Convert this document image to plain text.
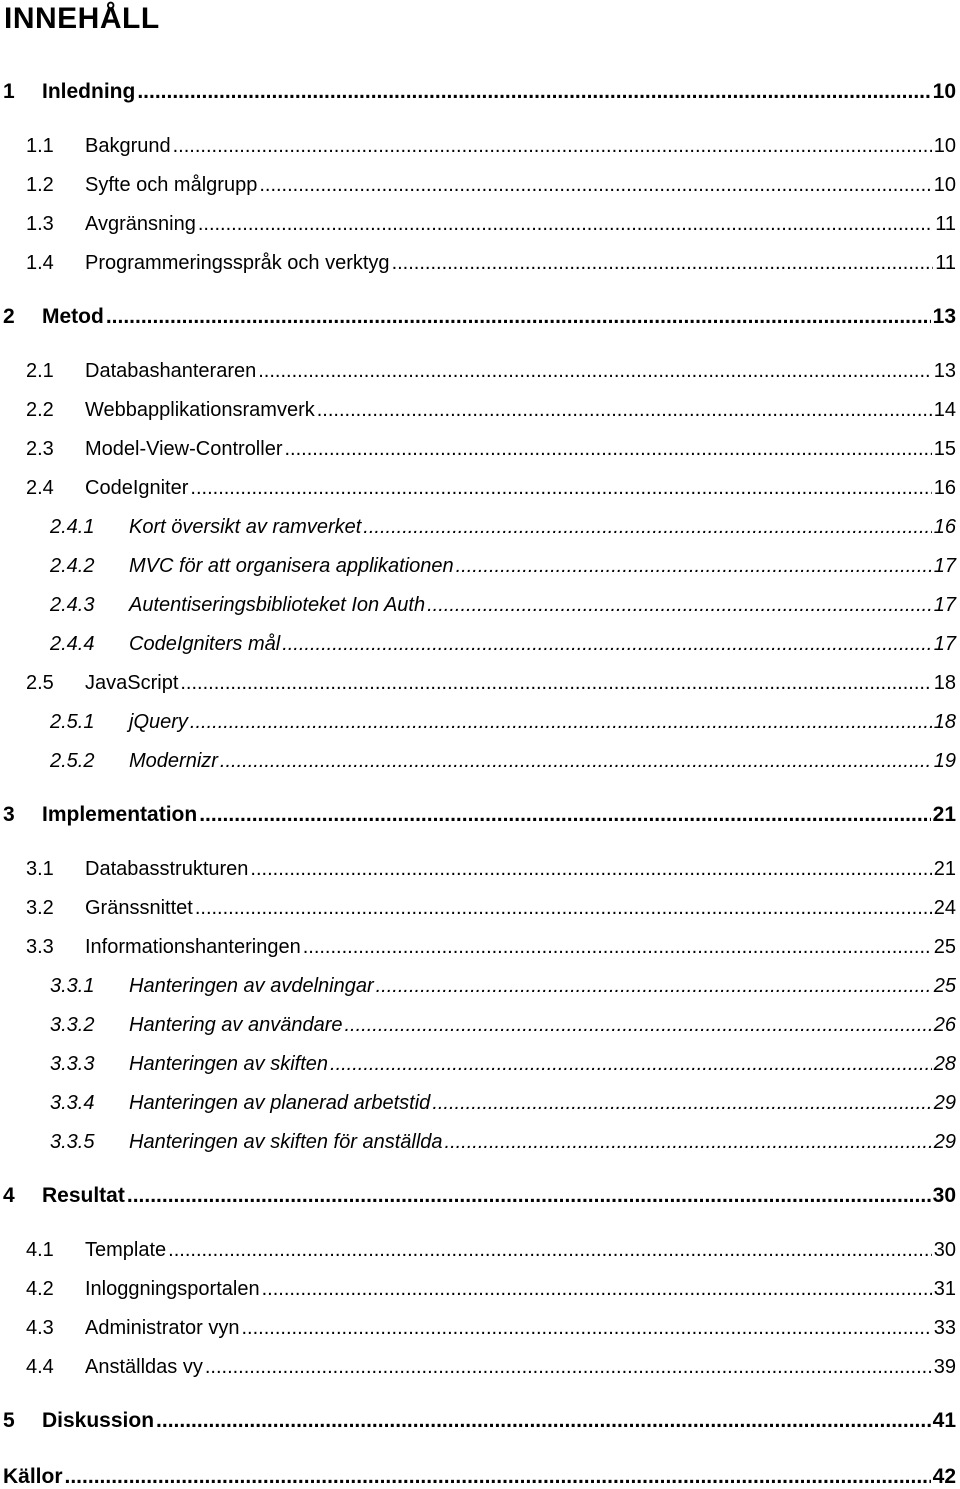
INNEHÅLL
1	Inledning .....	10
1.1	Bakgrund .....	10
1.2	Syfte och målgrupp .....	10
1.3	Avgränsning .....	11
1.4	Programmeringsspråk och verktyg .....	11
2	Metod .....	13
2.1	Databashanteraren .....	13
2.2	Webbapplikationsramverk .....	14
2.3	Model-View-Controller .....	15
2.4	CodeIgniter .....	16
2.4.1	Kort översikt av ramverket .....	16
2.4.2	MVC för att organisera applikationen .....	17
2.4.3	Autentiseringsbiblioteket Ion Auth .....	17
2.4.4	CodeIgniters mål .....	17
2.5	JavaScript .....	18
2.5.1	jQuery .....	18
2.5.2	Modernizr .....	19
3	Implementation .....	21
3.1	Databasstrukturen .....	21
3.2	Gränssnittet .....	24
3.3	Informationshanteringen .....	25
3.3.1	Hanteringen av avdelningar .....	25
3.3.2	Hantering av användare .....	26
3.3.3	Hanteringen av skiften .....	28
3.3.4	Hanteringen av planerad arbetstid .....	29
3.3.5	Hanteringen av skiften för anställda .....	29
4	Resultat .....	30
4.1	Template .....	30
4.2	Inloggningsportalen .....	31
4.3	Administrator vyn .....	33
4.4	Anställdas vy .....	39
5	Diskussion .....	41
Källor .....	42
